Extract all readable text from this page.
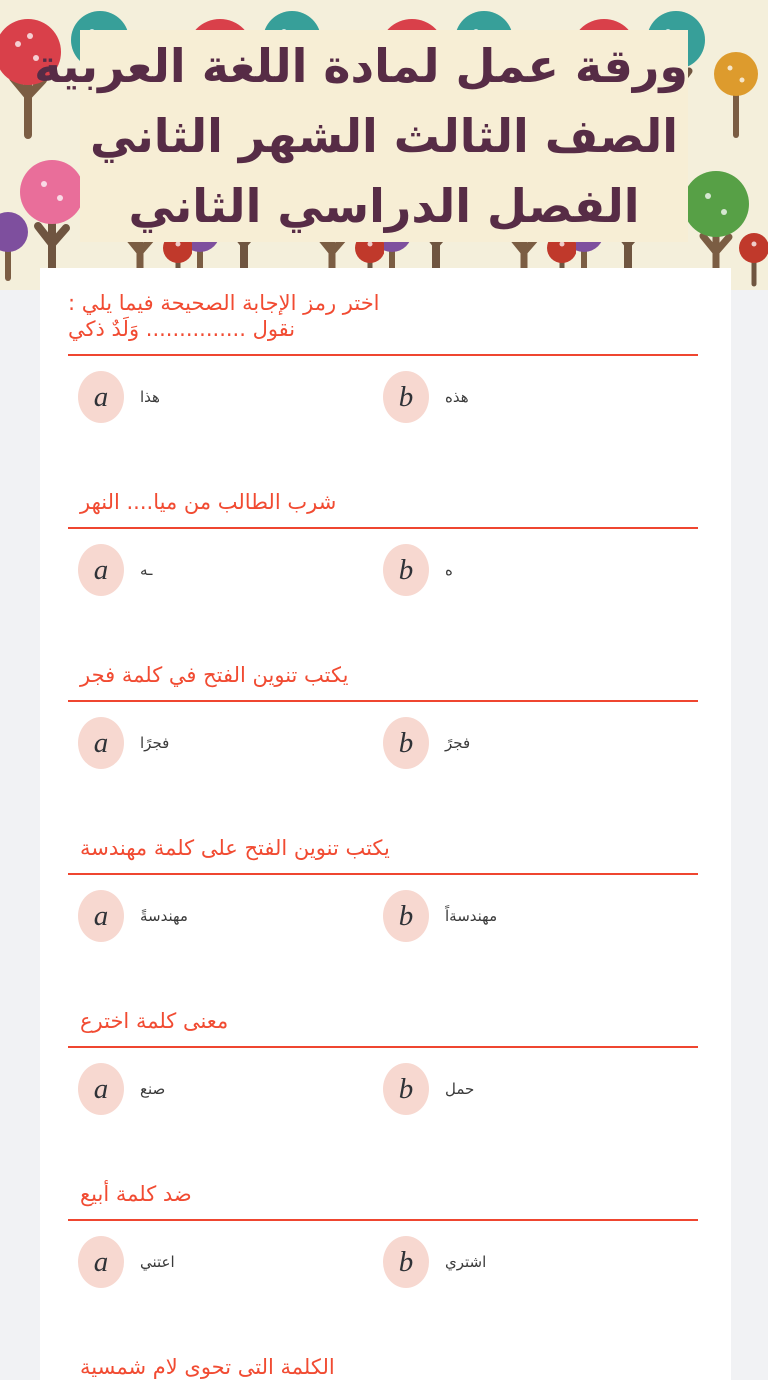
ورقة عمل لمادة اللغة العربية
الصف الثالث الشهر الثاني
الفصل الدراسي الثاني
اختر رمز الإجابة الصحيحة فيما يلي :
نقول ............... وَلَدٌ ذكي
a	هذا	b	هذه
شرب الطالب من ميا.... النهر
a	ـه	b	ه
يكتب تنوين الفتح في كلمة فجر
a	فجرًا	b	فجرً
يكتب تنوين الفتح على كلمة مهندسة
a	مهندسةً	b	مهندسةاً
معنى كلمة اخترع
a	صنع	b	حمل
ضد كلمة أبيع
a	اعتني	b	اشتري
الكلمة التى تحوى لام شمسية
